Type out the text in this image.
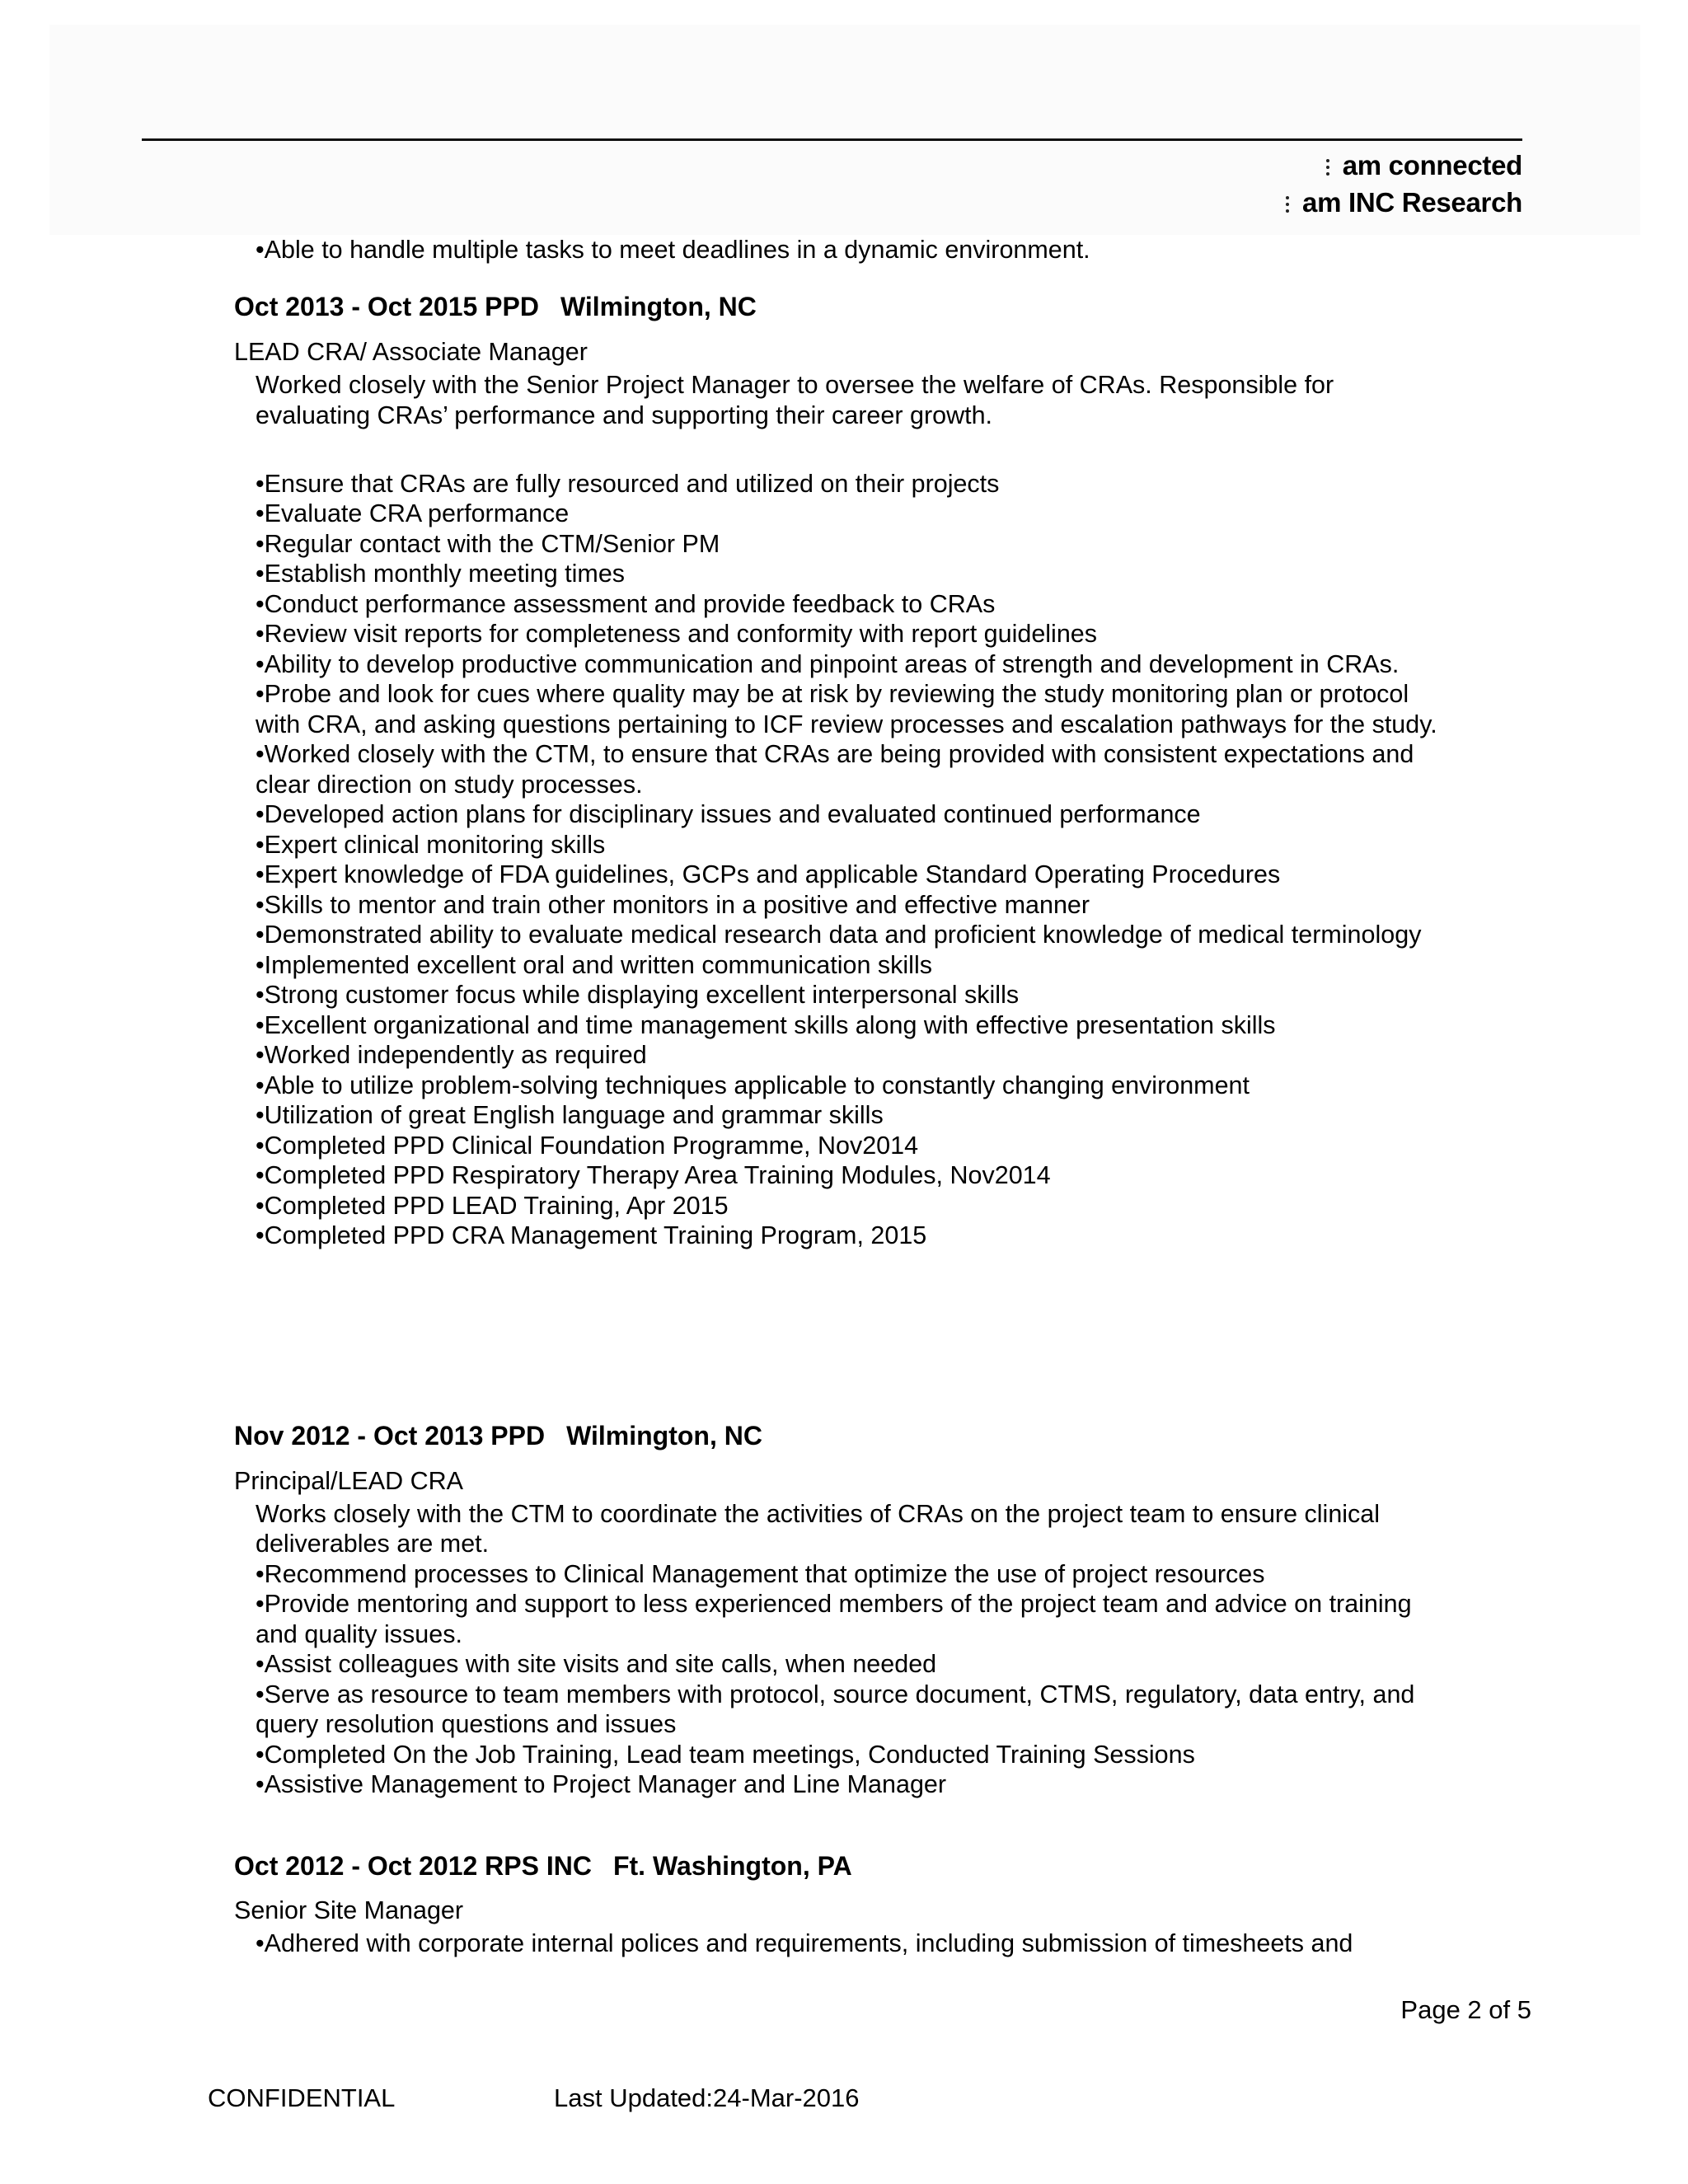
am connected
am INC Research
•Able to handle multiple tasks to meet deadlines in a dynamic environment.
Oct 2013 - Oct 2015 PPD Wilmington, NC
LEAD CRA/ Associate Manager
Worked closely with the Senior Project Manager to oversee the welfare of CRAs. Responsible for
evaluating CRAs’ performance and supporting their career growth.
•Ensure that CRAs are fully resourced and utilized on their projects
•Evaluate CRA performance
•Regular contact with the CTM/Senior PM
•Establish monthly meeting times
•Conduct performance assessment and provide feedback to CRAs
•Review visit reports for completeness and conformity with report guidelines
•Ability to develop productive communication and pinpoint areas of strength and development in CRAs.
•Probe and look for cues where quality may be at risk by reviewing the study monitoring plan or protocol
with CRA, and asking questions pertaining to ICF review processes and escalation pathways for the study.
•Worked closely with the CTM, to ensure that CRAs are being provided with consistent expectations and
clear direction on study processes.
•Developed action plans for disciplinary issues and evaluated continued performance
•Expert clinical monitoring skills
•Expert knowledge of FDA guidelines, GCPs and applicable Standard Operating Procedures
•Skills to mentor and train other monitors in a positive and effective manner
•Demonstrated ability to evaluate medical research data and proficient knowledge of medical terminology
•Implemented excellent oral and written communication skills
•Strong customer focus while displaying excellent interpersonal skills
•Excellent organizational and time management skills along with effective presentation skills
•Worked independently as required
•Able to utilize problem-solving techniques applicable to constantly changing environment
•Utilization of great English language and grammar skills
•Completed PPD Clinical Foundation Programme, Nov2014
•Completed PPD Respiratory Therapy Area Training Modules, Nov2014
•Completed PPD LEAD Training, Apr 2015
•Completed PPD CRA Management Training Program, 2015
Nov 2012 - Oct 2013 PPD Wilmington, NC
Principal/LEAD CRA
Works closely with the CTM to coordinate the activities of CRAs on the project team to ensure clinical
deliverables are met.
•Recommend processes to Clinical Management that optimize the use of project resources
•Provide mentoring and support to less experienced members of the project team and advice on training
and quality issues.
•Assist colleagues with site visits and site calls, when needed
•Serve as resource to team members with protocol, source document, CTMS, regulatory, data entry, and
query resolution questions and issues
•Completed On the Job Training, Lead team meetings, Conducted Training Sessions
•Assistive Management to Project Manager and Line Manager
Oct 2012 - Oct 2012 RPS INC Ft. Washington, PA
Senior Site Manager
•Adhered with corporate internal polices and requirements, including submission of timesheets and
Page 2 of 5
CONFIDENTIAL	Last Updated:24-Mar-2016
